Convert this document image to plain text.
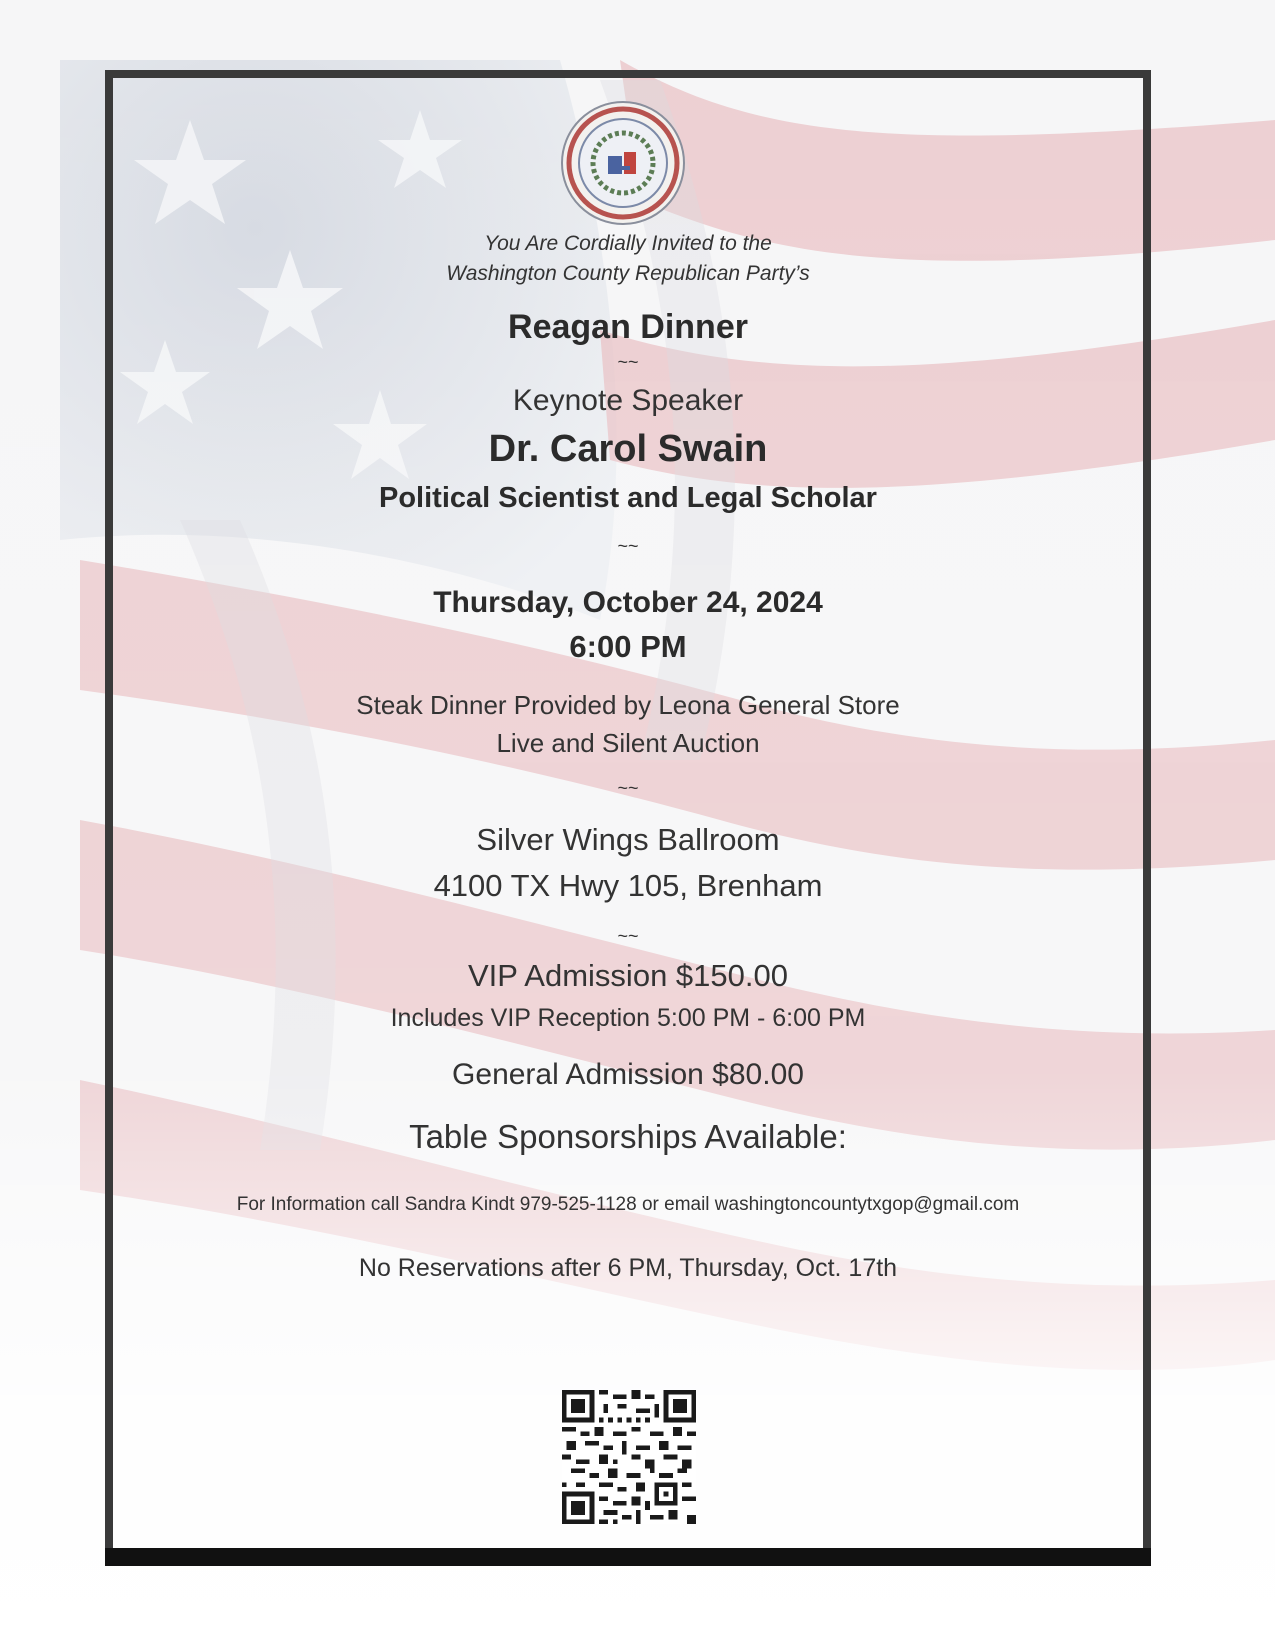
You Are Cordially Invited to the
Washington County Republican Party’s
Reagan Dinner
~~
Keynote Speaker
Dr. Carol Swain
Political Scientist and Legal Scholar
~~
Thursday, October 24, 2024
6:00 PM
Steak Dinner Provided by Leona General Store
Live and Silent Auction
~~
Silver Wings Ballroom
4100 TX Hwy 105, Brenham
~~
VIP Admission $150.00
Includes VIP Reception 5:00 PM - 6:00 PM
General Admission $80.00
Table Sponsorships Available:
For Information call Sandra Kindt 979-525-1128 or email washingtoncountytxgop@gmail.com
No Reservations after 6 PM, Thursday, Oct. 17th
